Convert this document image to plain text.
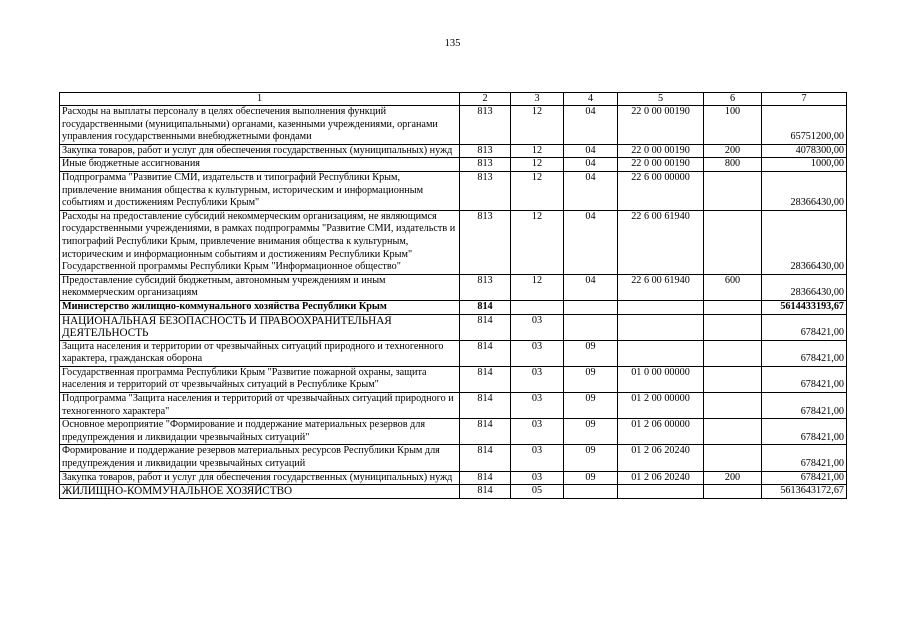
135
1	2	3	4	5	6	7
Расходы на выплаты персоналу в целях обеспечения выполнения функций государственными (муниципальными) органами, казенными учреждениями, органами управления государственными внебюджетными фондами	813	12	04	22 0 00 00190	100	65751200,00
Закупка товаров, работ и услуг для обеспечения государственных (муниципальных) нужд	813	12	04	22 0 00 00190	200	4078300,00
Иные бюджетные ассигнования	813	12	04	22 0 00 00190	800	1000,00
Подпрограмма "Развитие СМИ, издательств и типографий Республики Крым, привлечение внимания общества к культурным, историческим и информационным событиям и достижениям Республики Крым"	813	12	04	22 6 00 00000		28366430,00
Расходы на предоставление субсидий некоммерческим организациям, не являющимся государственными учреждениями, в рамках подпрограммы "Развитие СМИ, издательств и типографий Республики Крым, привлечение внимания общества к культурным, историческим и информационным событиям и достижениям Республики Крым" Государственной программы Республики Крым "Информационное общество"	813	12	04	22 6 00 61940		28366430,00
Предоставление субсидий бюджетным, автономным учреждениям и иным некоммерческим организациям	813	12	04	22 6 00 61940	600	28366430,00
Министерство жилищно-коммунального хозяйства Республики Крым	814					5614433193,67
НАЦИОНАЛЬНАЯ БЕЗОПАСНОСТЬ И ПРАВООХРАНИТЕЛЬНАЯ ДЕЯТЕЛЬНОСТЬ	814	03				678421,00
Защита населения и территории от чрезвычайных ситуаций природного и техногенного характера, гражданская оборона	814	03	09			678421,00
Государственная программа Республики Крым "Развитие пожарной охраны, защита населения и территорий от чрезвычайных ситуаций в Республике Крым"	814	03	09	01 0 00 00000		678421,00
Подпрограмма "Защита населения и территорий от чрезвычайных ситуаций природного и техногенного характера"	814	03	09	01 2 00 00000		678421,00
Основное мероприятие "Формирование и поддержание материальных резервов для предупреждения и ликвидации чрезвычайных ситуаций"	814	03	09	01 2 06 00000		678421,00
Формирование и поддержание резервов материальных ресурсов Республики Крым для предупреждения и ликвидации чрезвычайных ситуаций	814	03	09	01 2 06 20240		678421,00
Закупка товаров, работ и услуг для обеспечения государственных (муниципальных) нужд	814	03	09	01 2 06 20240	200	678421,00
ЖИЛИЩНО-КОММУНАЛЬНОЕ ХОЗЯЙСТВО	814	05				5613643172,67
